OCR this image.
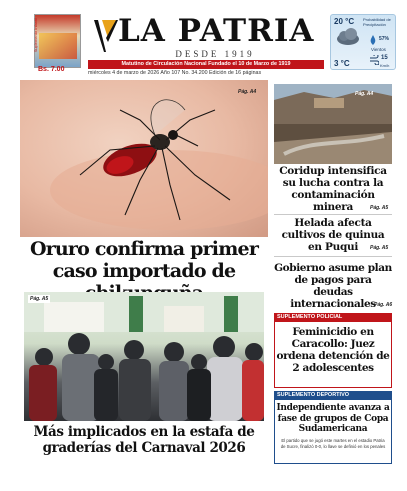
Suplemento Infantil
Bs. 7.00
LA PATRIA
DESDE 1919
Matutino de Circulación Nacional Fundado el 10 de Marzo de 1919
miércoles 4 de marzo de 2026 Año 107 No. 34.200 Edición de 16 páginas
20 °C Probabilidad de Precipitación
57%
Vientos
15
Km/h
3 °C
Pág. A4
Oruro confirma primer caso importado de
Pág. A5
Más implicados en la estafa de graderías del Carnaval 2026
Pág. A4
Coridup intensifica su lucha contra la contaminación minera	Pág. A5
Helada afecta cultivos de quinua en Puqui	Pág. A5
Gobierno asume plan de pagos para deudas internacionales
Pág. A6
SUPLEMENTO POLICIAL
Feminicidio en Caracollo: Juez ordena detención de 2 adolescentes
SUPLEMENTO DEPORTIVO
Independiente avanza a fase de grupos de Copa Sudamericana
El partido que se jugó este martes en el estadio Patria de Sucre, finalizó 0-0, lo llave se definió en los penales
